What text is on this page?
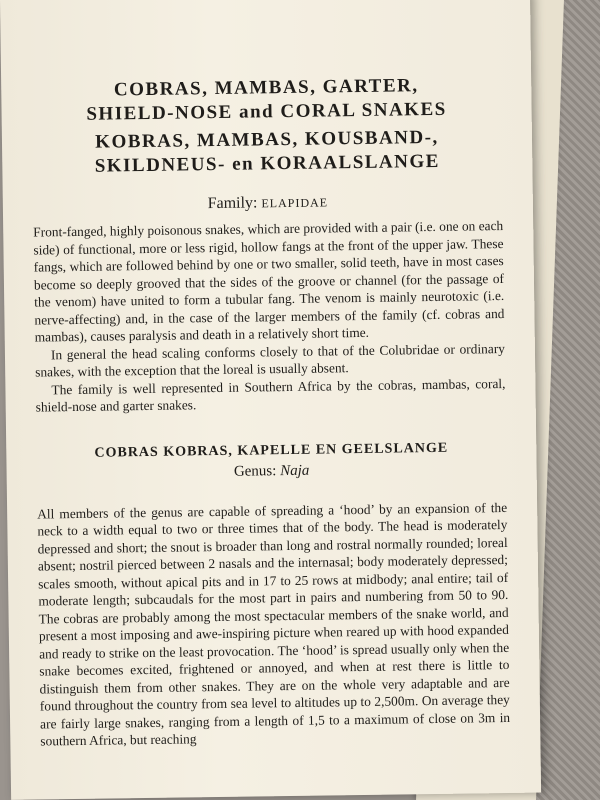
COBRAS, MAMBAS, GARTER,
SHIELD-NOSE and CORAL SNAKES
KOBRAS, MAMBAS, KOUSBAND-,
SKILDNEUS- en KORAALSLANGE
Family: ELAPIDAE

Front-fanged, highly poisonous snakes, which are provided with a pair (i.e. one on each side) of functional, more or less rigid, hollow fangs at the front of the upper jaw. These fangs, which are followed behind by one or two smaller, solid teeth, have in most cases become so deeply grooved that the sides of the groove or channel (for the passage of the venom) have united to form a tubular fang. The venom is mainly neurotoxic (i.e. nerve-affecting) and, in the case of the larger members of the family (cf. cobras and mambas), causes paralysis and death in a relatively short time.

In general the head scaling conforms closely to that of the Colubridae or ordinary snakes, with the exception that the loreal is usually absent.

The family is well represented in Southern Africa by the cobras, mambas, coral, shield-nose and garter snakes.

COBRAS KOBRAS, KAPELLE EN GEELSLANGE
Genus: Naja

All members of the genus are capable of spreading a ‘hood’ by an expansion of the neck to a width equal to two or three times that of the body. The head is moderately depressed and short; the snout is broader than long and rostral normally rounded; loreal absent; nostril pierced between 2 nasals and the internasal; body moderately depressed; scales smooth, without apical pits and in 17 to 25 rows at midbody; anal entire; tail of moderate length; subcaudals for the most part in pairs and numbering from 50 to 90. The cobras are probably among the most spectacular members of the snake world, and present a most imposing and awe-inspiring picture when reared up with hood expanded and ready to strike on the least provocation. The ‘hood’ is spread usually only when the snake becomes excited, frightened or annoyed, and when at rest there is little to distinguish them from other snakes. They are on the whole very adaptable and are found throughout the country from sea level to altitudes up to 2,500m. On average they are fairly large snakes, ranging from a length of 1,5 to a maximum of close on 3m in southern Africa, but reaching
